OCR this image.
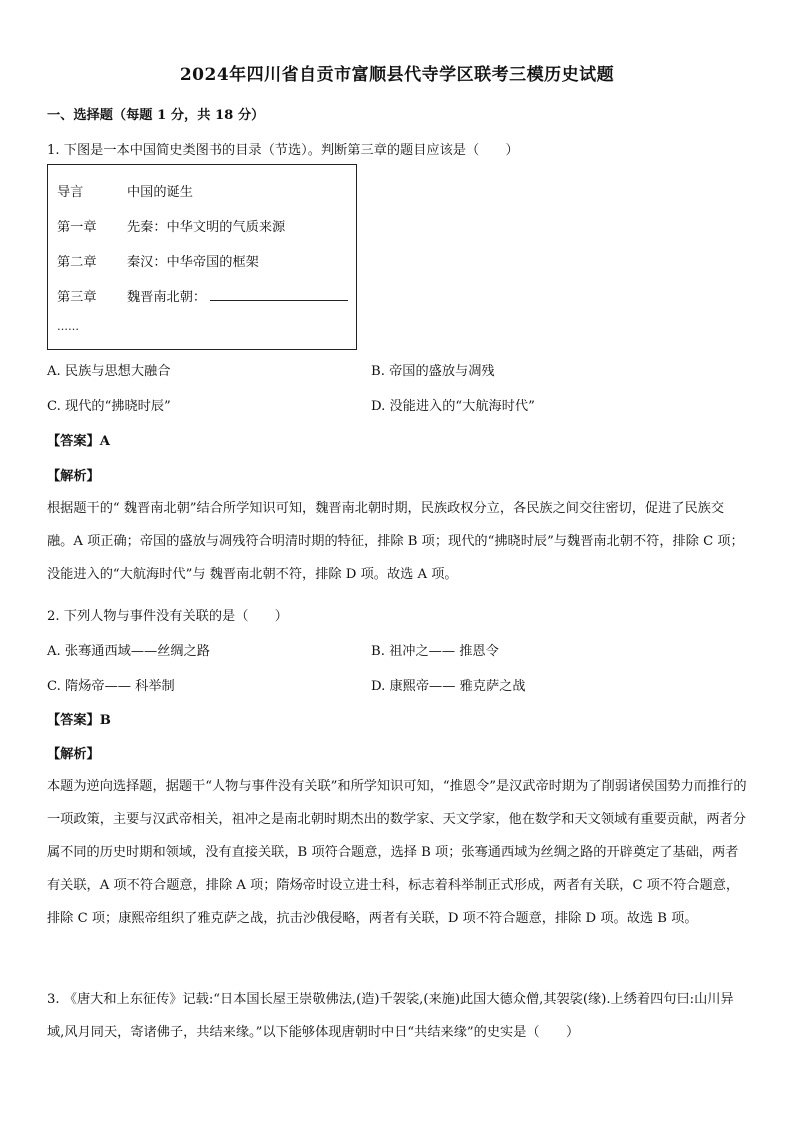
2024年四川省自贡市富顺县代寺学区联考三模历史试题
一、选择题（每题 1 分，共 18 分）
1. 下图是一本中国简史类图书的目录（节选）。判断第三章的题目应该是（　　）
导言	中国的诞生
第一章 先秦：中华文明的气质来源
第二章 秦汉：中华帝国的框架
第三章 魏晋南北朝：
……
A. 民族与思想大融合	B. 帝国的盛放与凋残
C. 现代的“拂晓时辰”	D. 没能进入的“大航海时代”
【答案】A
【解析】
根据题干的“ 魏晋南北朝”结合所学知识可知，魏晋南北朝时期，民族政权分立，各民族之间交往密切，促进了民族交融。A 项正确；帝国的盛放与凋残符合明清时期的特征，排除 B 项；现代的“拂晓时辰”与魏晋南北朝不符，排除 C 项；没能进入的“大航海时代”与 魏晋南北朝不符，排除 D 项。故选 A 项。
2. 下列人物与事件没有关联的是（　　）
A. 张骞通西域——丝绸之路	B. 祖冲之—— 推恩令
C. 隋炀帝—— 科举制	D. 康熙帝—— 雅克萨之战
【答案】B
【解析】
本题为逆向选择题，据题干“人物与事件没有关联”和所学知识可知，“推恩令”是汉武帝时期为了削弱诸侯国势力而推行的一项政策，主要与汉武帝相关，祖冲之是南北朝时期杰出的数学家、天文学家，他在数学和天文领域有重要贡献，两者分属不同的历史时期和领域，没有直接关联，B 项符合题意，选择 B 项；张骞通西域为丝绸之路的开辟奠定了基础，两者有关联，A 项不符合题意，排除 A 项；隋炀帝时设立进士科，标志着科举制正式形成，两者有关联，C 项不符合题意，排除 C 项；康熙帝组织了雅克萨之战，抗击沙俄侵略，两者有关联，D 项不符合题意，排除 D 项。故选 B 项。
3. 《唐大和上东征传》记载:“日本国长屋王崇敬佛法,(造)千袈裟,(来施)此国大德众僧,其袈裟(缘).上绣着四句曰:山川异域,风月同天，寄诸佛子，共结来缘。”以下能够体现唐朝时中日“共结来缘”的史实是（　　）
